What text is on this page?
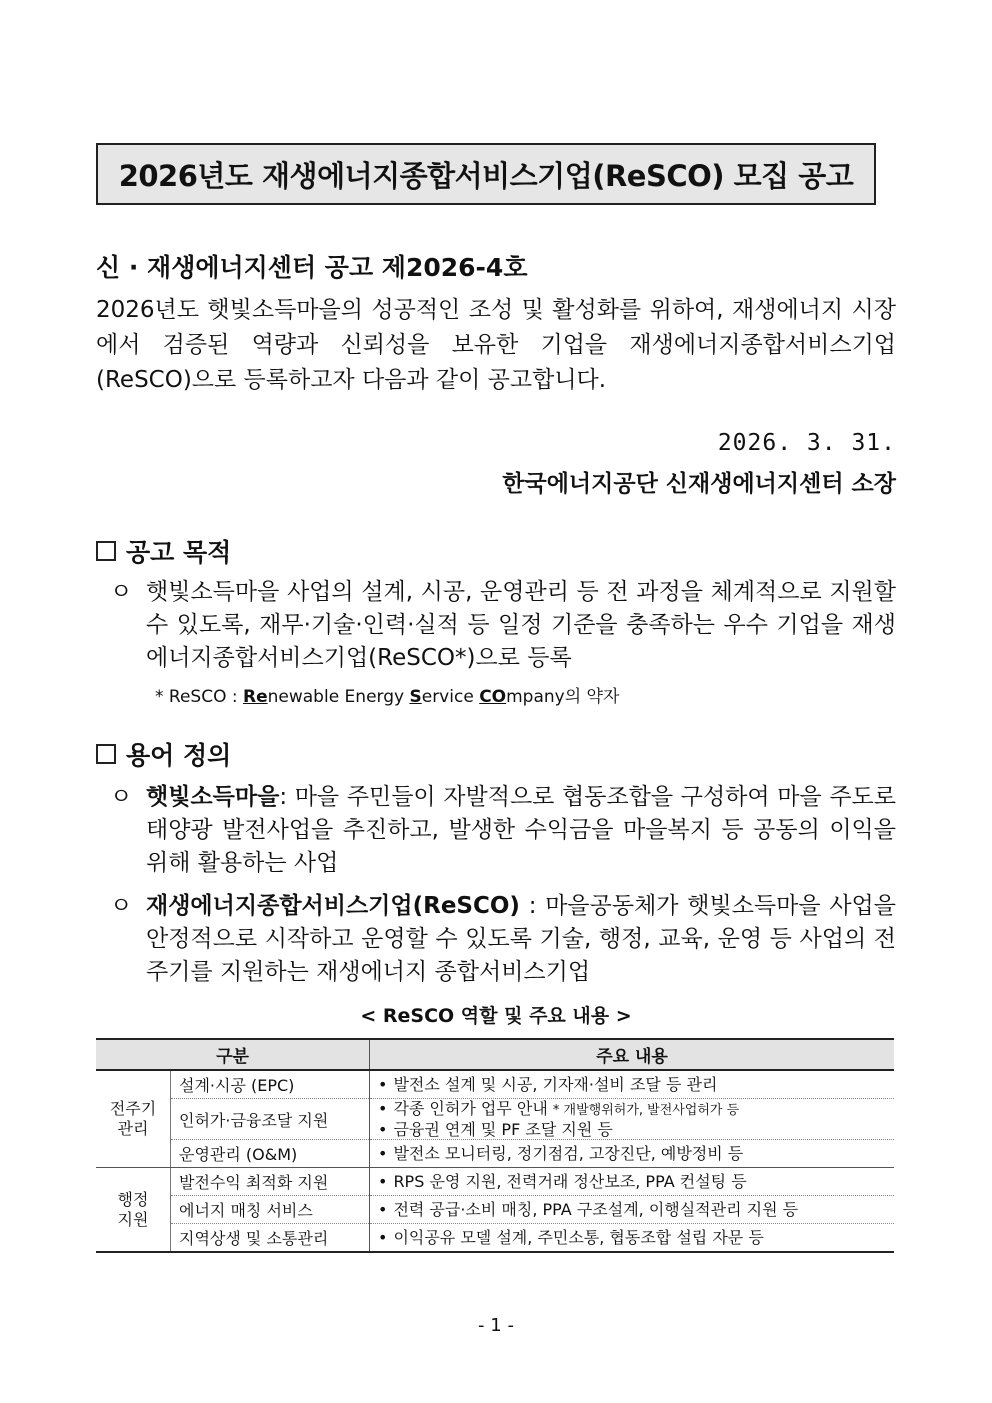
2026년도 재생에너지종합서비스기업(ReSCO) 모집 공고
신 · 재생에너지센터 공고 제2026-4호
2026년도 햇빛소득마을의 성공적인 조성 및 활성화를 위하여, 재생에너지 시장에서 검증된 역량과 신뢰성을 보유한 기업을 재생에너지종합서비스기업(ReSCO)으로 등록하고자 다음과 같이 공고합니다.
2026. 3. 31.
한국에너지공단 신재생에너지센터 소장
공고 목적
ㅇ 햇빛소득마을 사업의 설계, 시공, 운영관리 등 전 과정을 체계적으로 지원할 수 있도록, 재무·기술·인력·실적 등 일정 기준을 충족하는 우수 기업을 재생에너지종합서비스기업(ReSCO*)으로 등록
* ReSCO : Renewable Energy Service COmpany의 약자
용어 정의
ㅇ 햇빛소득마을: 마을 주민들이 자발적으로 협동조합을 구성하여 마을 주도로 태양광 발전사업을 추진하고, 발생한 수익금을 마을복지 등 공동의 이익을 위해 활용하는 사업
ㅇ 재생에너지종합서비스기업(ReSCO) : 마을공동체가 햇빛소득마을 사업을 안정적으로 시작하고 운영할 수 있도록 기술, 행정, 교육, 운영 등 사업의 전 주기를 지원하는 재생에너지 종합서비스기업
< ReSCO 역할 및 주요 내용 >
구분		주요 내용
전주기
관리	설계·시공 (EPC)	• 발전소 설계 및 시공, 기자재·설비 조달 등 관리

	인허가·금융조달 지원	• 각종 인허가 업무 안내 * 개발행위허가, 발전사업허가 등
• 금융권 연계 및 PF 조달 지원 등

	운영관리 (O&M)	• 발전소 모니터링, 정기점검, 고장진단, 예방정비 등

행정
지원	발전수익 최적화 지원	• RPS 운영 지원, 전력거래 정산보조, PPA 컨설팅 등

	에너지 매칭 서비스	• 전력 공급·소비 매칭, PPA 구조설계, 이행실적관리 지원 등

	지역상생 및 소통관리	• 이익공유 모델 설계, 주민소통, 협동조합 설립 자문 등
- 1 -
